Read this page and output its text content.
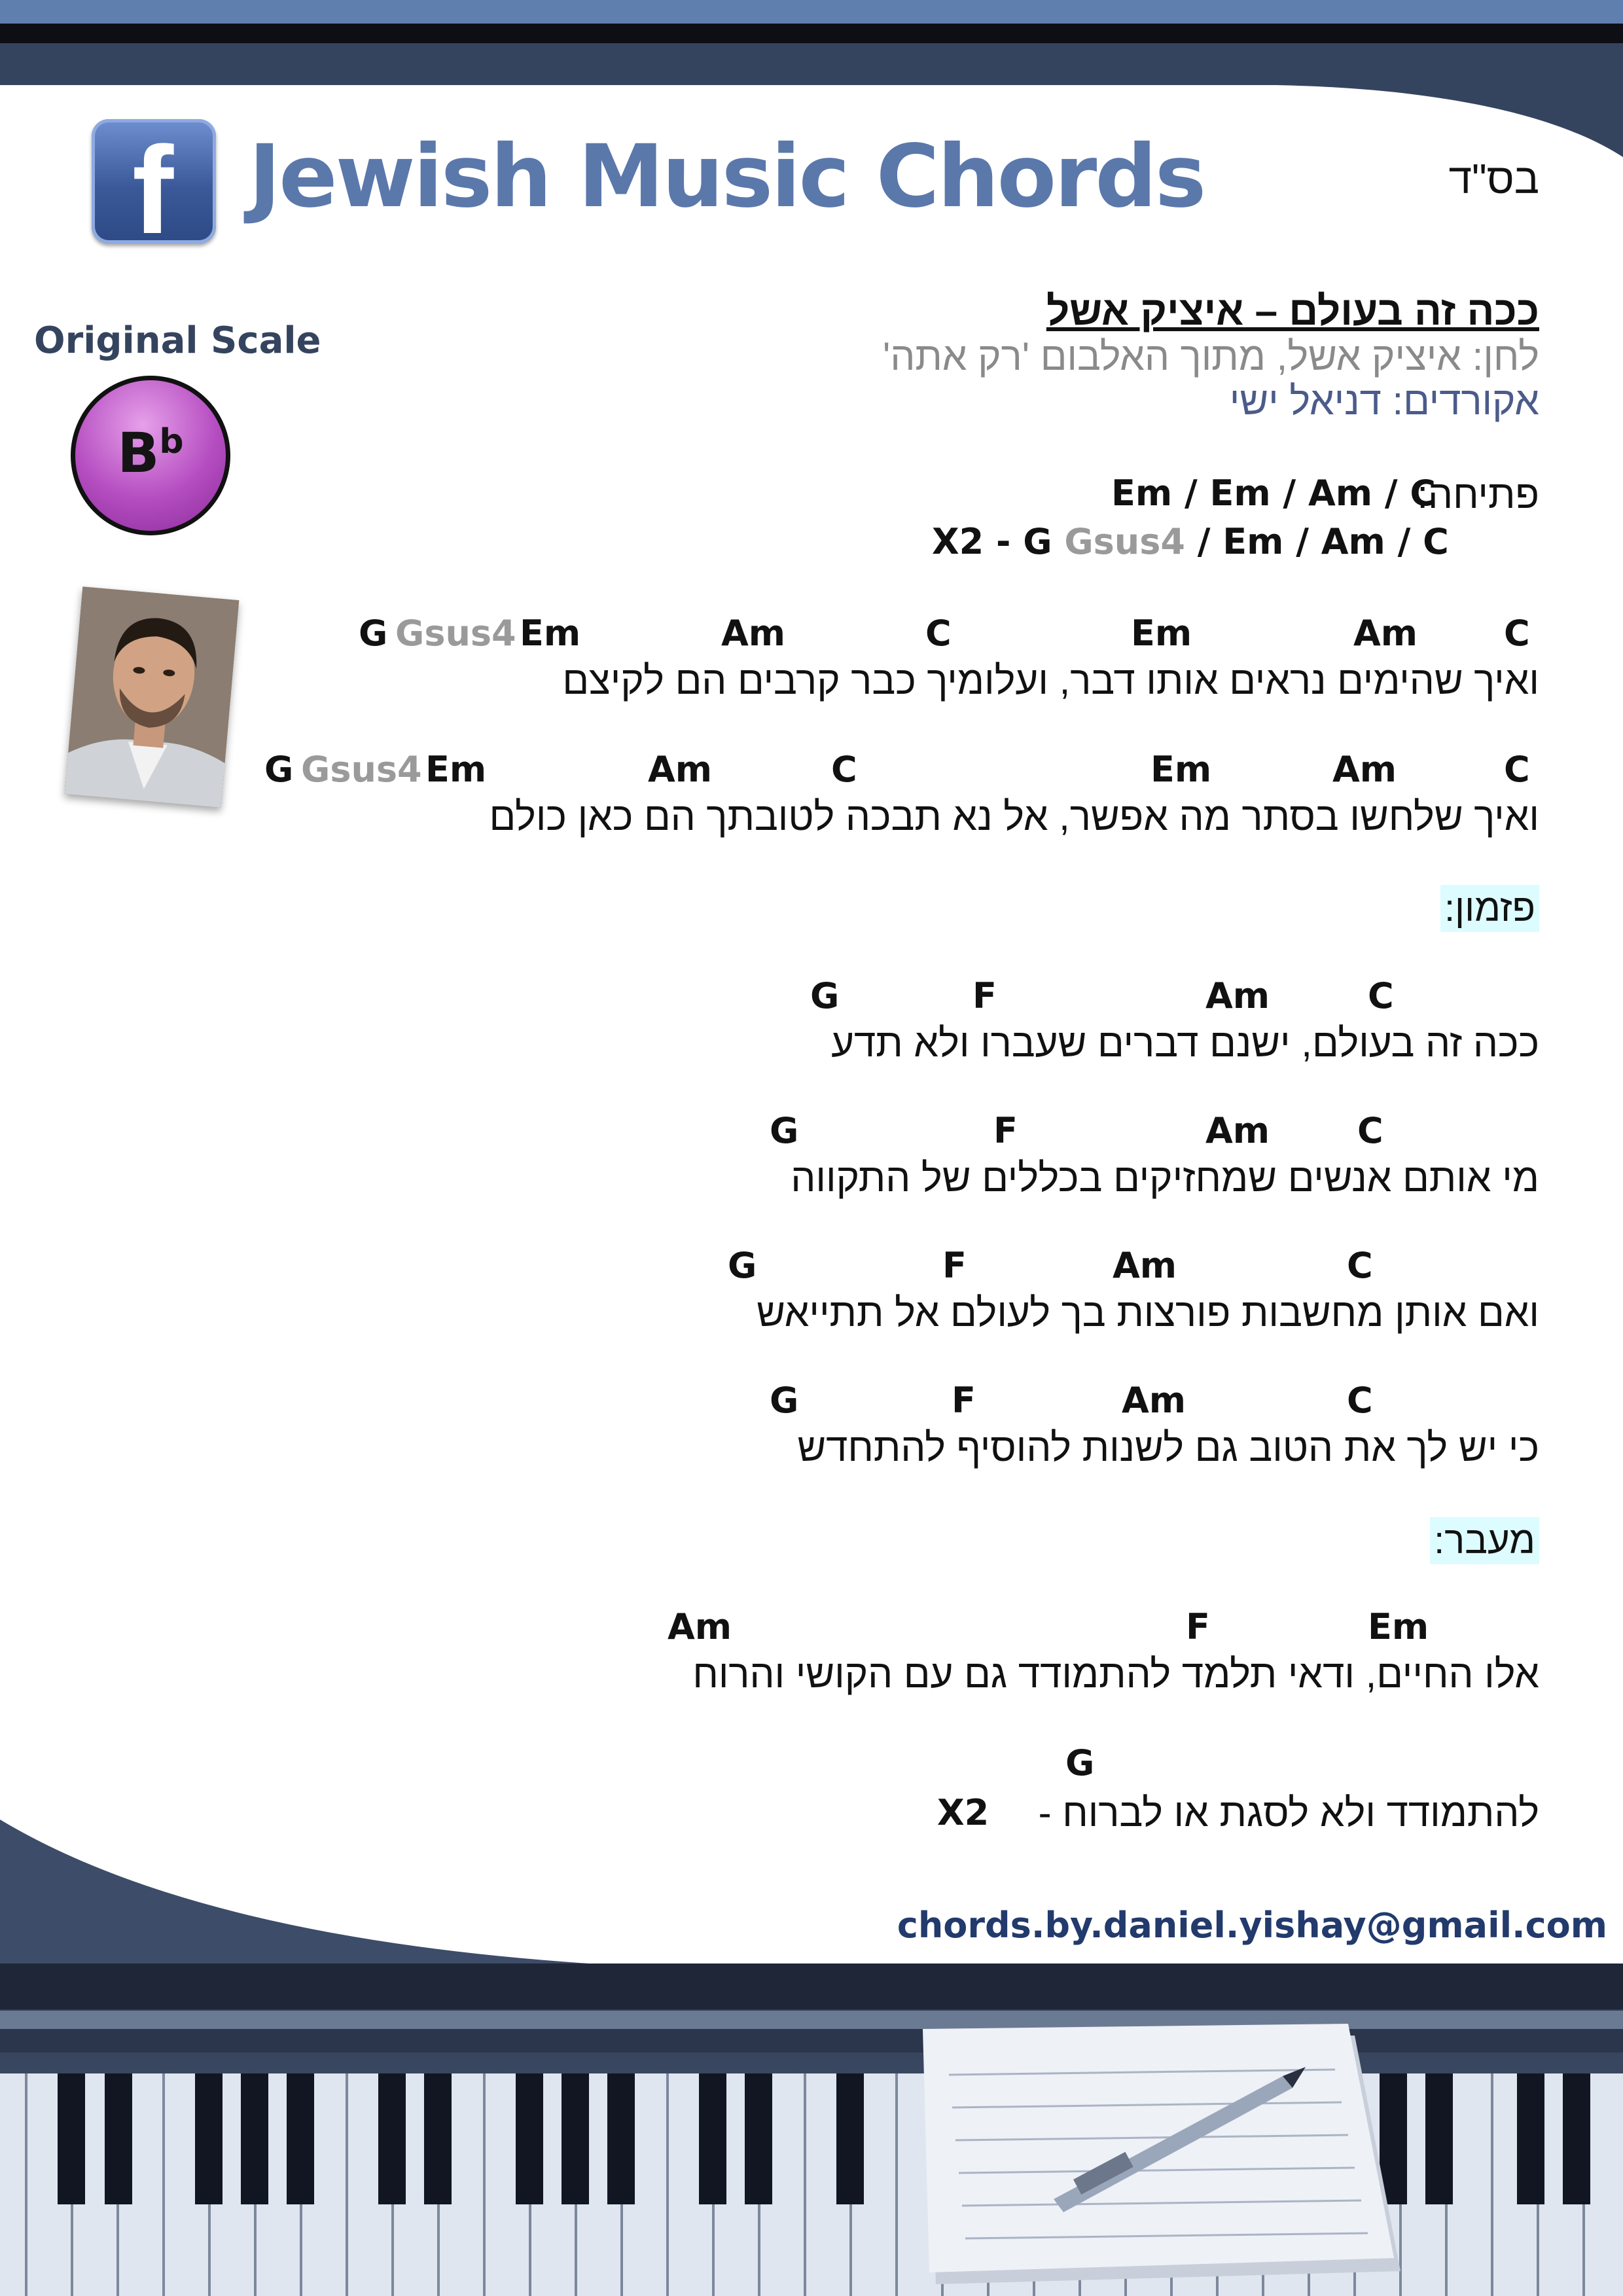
f Jewish Music Chords	בס"ד
Original Scale
$B^b$
ככה זה בעולם – איציק אשל
לחן: איציק אשל, מתוך האלבום 'רק אתה'
אקורדים: דניאל ישי
פתיחה:
Em / Em / Am / C
X2 - G Gsus4 / Em / Am / C
G Gsus4 Em	Am	C	Em	Am C
ואיך שהימים נראים אותו דבר, ועלומיך כבר קרבים הם לקיצם
G Gsus4 Em	Am	C	Em	Am	C
ואיך שלחשו בסתר מה אפשר, אל נא תבכה לטובתך הם כאן כולם
פזמון:
G	F	Am	C
ככה זה בעולם, ישנם דברים שעברו ולא תדע
G	F	Am C
מי אותם אנשים שמחזיקים בכללים של התקווה
G	F	Am	C
ואם אותן מחשבות פורצות בך לעולם אל תתייאש
G	F	Am	C
כי יש לך את הטוב גם לשנות להוסיף להתחדש
מעבר:
Am	F	Em
אלו החיים, ודאי תלמד להתמודד גם עם הקושי והרוח
G
להתמודד ולא לסגת או לברוח -
X2
chords.by.daniel.yishay@gmail.com
